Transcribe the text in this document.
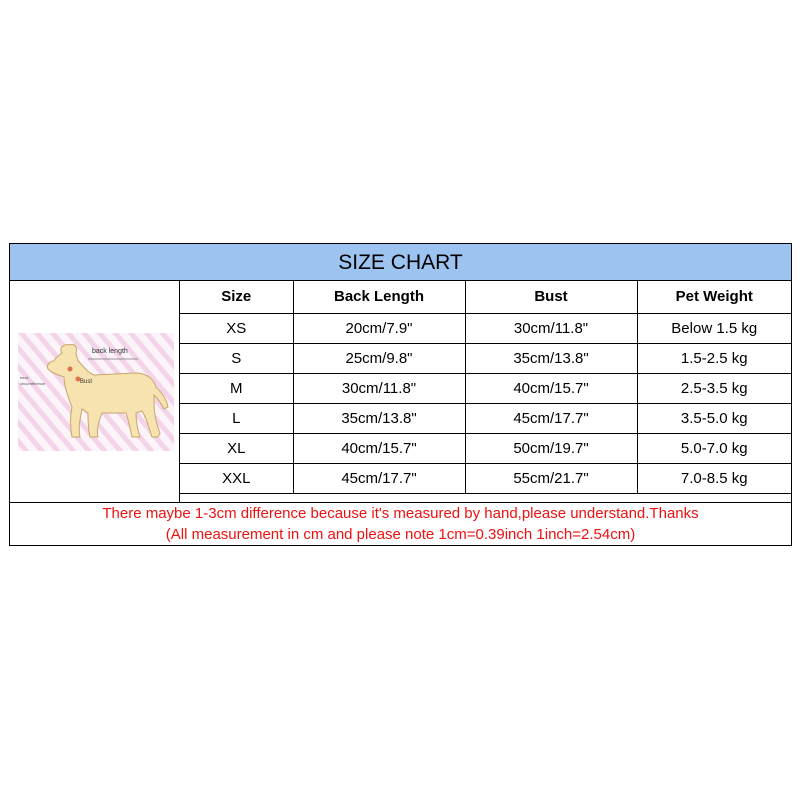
SIZE CHART
back length
Bust
neck
circumference
Size	Back Length	Bust	Pet Weight
XS	20cm/7.9"	30cm/11.8"	Below 1.5 kg
S	25cm/9.8"	35cm/13.8"	1.5-2.5 kg
M	30cm/11.8"	40cm/15.7"	2.5-3.5 kg
L	35cm/13.8"	45cm/17.7"	3.5-5.0 kg
XL	40cm/15.7"	50cm/19.7"	5.0-7.0 kg
XXL	45cm/17.7"	55cm/21.7"	7.0-8.5 kg
There maybe 1-3cm difference because it's measured by hand,please understand.Thanks
(All measurement in cm and please note 1cm=0.39inch 1inch=2.54cm)
